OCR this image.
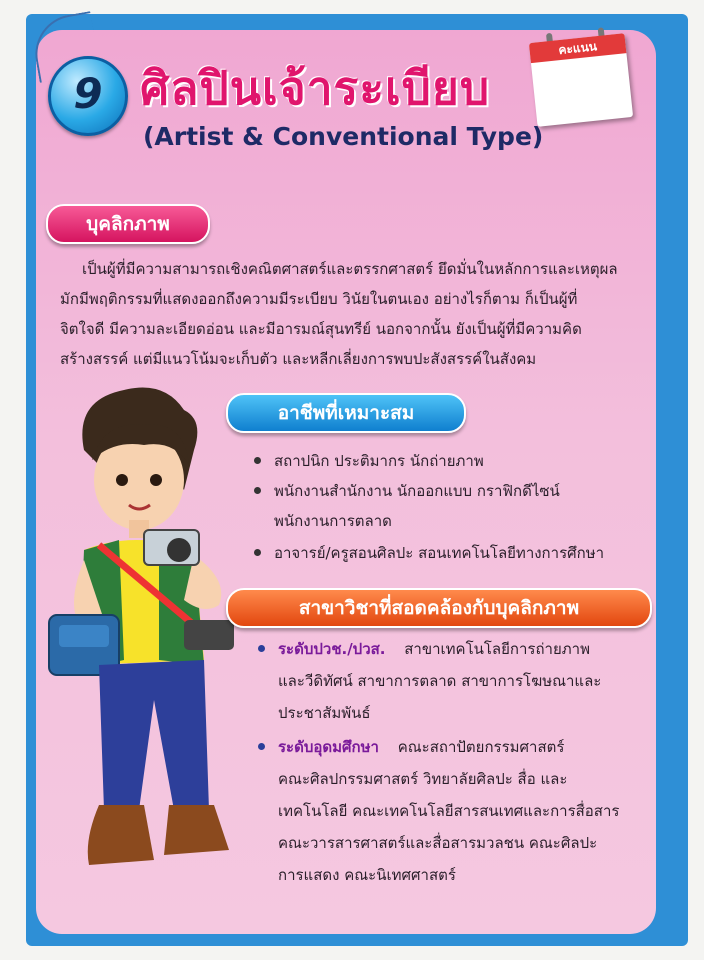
9 ศิลปินเจ้าระเบียบ
(Artist & Conventional Type)
คะแนน
บุคลิกภาพ
เป็นผู้ที่มีความสามารถเชิงคณิตศาสตร์และตรรกศาสตร์ ยึดมั่นในหลักการและเหตุผล
มักมีพฤติกรรมที่แสดงออกถึงความมีระเบียบ วินัยในตนเอง อย่างไรก็ตาม ก็เป็นผู้ที่
จิตใจดี มีความละเอียดอ่อน และมีอารมณ์สุนทรีย์ นอกจากนั้น ยังเป็นผู้ที่มีความคิด
สร้างสรรค์ แต่มีแนวโน้มจะเก็บตัว และหลีกเลี่ยงการพบปะสังสรรค์ในสังคม
อาชีพที่เหมาะสม
สถาปนิก ประติมากร นักถ่ายภาพ
พนักงานสำนักงาน นักออกแบบ กราฟิกดีไซน์
พนักงานการตลาด
อาจารย์/ครูสอนศิลปะ สอนเทคโนโลยีทางการศึกษา
สาขาวิชาที่สอดคล้องกับบุคลิกภาพ
ระดับปวช./ปวส. สาขาเทคโนโลยีการถ่ายภาพ
และวีดิทัศน์ สาขาการตลาด สาขาการโฆษณาและ
ประชาสัมพันธ์
ระดับอุดมศึกษา คณะสถาปัตยกรรมศาสตร์
คณะศิลปกรรมศาสตร์ วิทยาลัยศิลปะ สื่อ และ
เทคโนโลยี คณะเทคโนโลยีสารสนเทศและการสื่อสาร
คณะวารสารศาสตร์และสื่อสารมวลชน คณะศิลปะ
การแสดง คณะนิเทศศาสตร์
